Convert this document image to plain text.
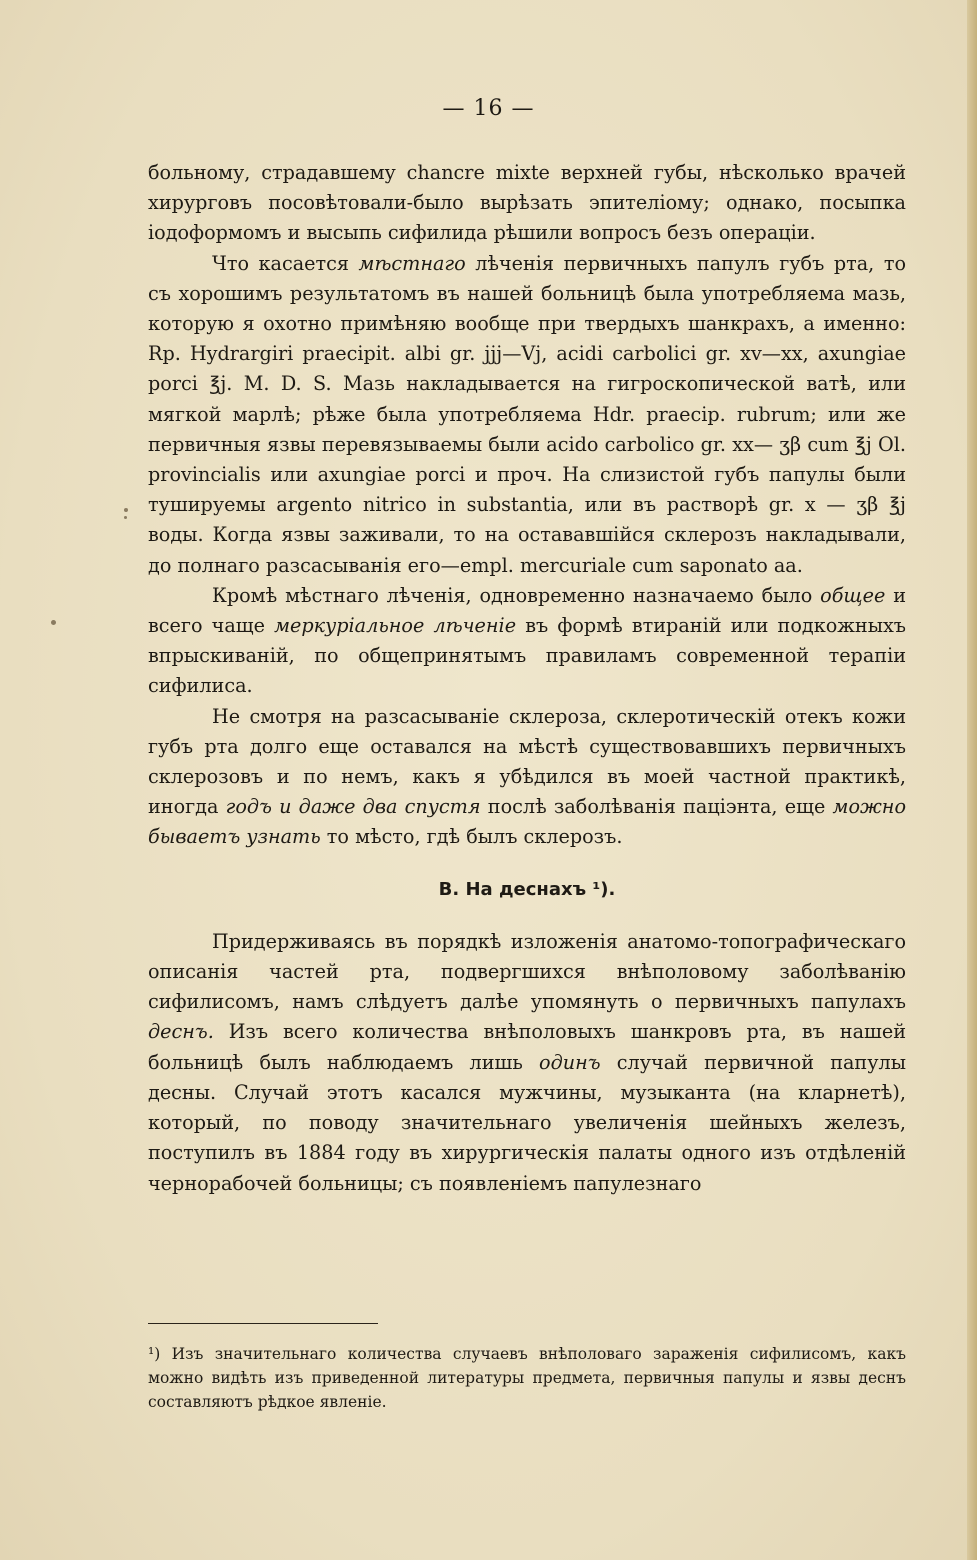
— 16 —

больному, страдавшему chancre mixte верхней губы, нѣсколько врачей хирурговъ посовѣтовали-было вырѣзать эпителіому; однако, посыпка іодоформомъ и высыпь сифилида рѣшили вопросъ безъ операціи.

Что касается мѣстнаго лѣченія первичныхъ папулъ губъ рта, то съ хорошимъ результатомъ въ нашей больницѣ была употребляема мазь, которую я охотно примѣняю вообще при твердыхъ шанкрахъ, а именно: Rp. Hydrargiri praecipit. albi gr. jjj—Vj, acidi carbolici gr. xv—xx, axungiae porci ℥j. M. D. S. Мазь накладывается на гигроскопической ватѣ, или мягкой марлѣ; рѣже была употребляема Hdr. praecip. rubrum; или же первичныя язвы перевязываемы были acido carbolico gr. xx— ʒβ cum ℥j Ol. provincialis или axungiae porci и проч. На слизистой губъ папулы были тушируемы argento nitrico in substantia, или въ растворѣ gr. x — ʒβ ℥j воды. Когда язвы заживали, то на остававшійся склерозъ накладывали, до полнаго разсасыванія его—empl. mercuriale cum saponato aa.

Кромѣ мѣстнаго лѣченія, одновременно назначаемо было общее и всего чаще меркуріальное лѣченіе въ формѣ втираній или подкожныхъ впрыскиваній, по общепринятымъ правиламъ современной терапіи сифилиса.

Не смотря на разсасываніе склероза, склеротическій отекъ кожи губъ рта долго еще оставался на мѣстѣ существовавшихъ первичныхъ склерозовъ и по немъ, какъ я убѣдился въ моей частной практикѣ, иногда годъ и даже два спустя послѣ заболѣванія паціэнта, еще можно бываетъ узнать то мѣсто, гдѣ былъ склерозъ.

B. На деснахъ ¹).

Придерживаясь въ порядкѣ изложенія анатомо-топографическаго описанія частей рта, подвергшихся внѣполовому заболѣванію сифилисомъ, намъ слѣдуетъ далѣе упомянуть о первичныхъ папулахъ деснъ. Изъ всего количества внѣполовыхъ шанкровъ рта, въ нашей больницѣ былъ наблюдаемъ лишь одинъ случай первичной папулы десны. Случай этотъ касался мужчины, музыканта (на кларнетѣ), который, по поводу значительнаго увеличенія шейныхъ железъ, поступилъ въ 1884 году въ хирургическія палаты одного изъ отдѣленій чернорабочей больницы; съ появленіемъ папулезнаго

¹) Изъ значительнаго количества случаевъ внѣполоваго зараженія сифилисомъ, какъ можно видѣть изъ приведенной литературы предмета, первичныя папулы и язвы деснъ составляютъ рѣдкое явленіе.
